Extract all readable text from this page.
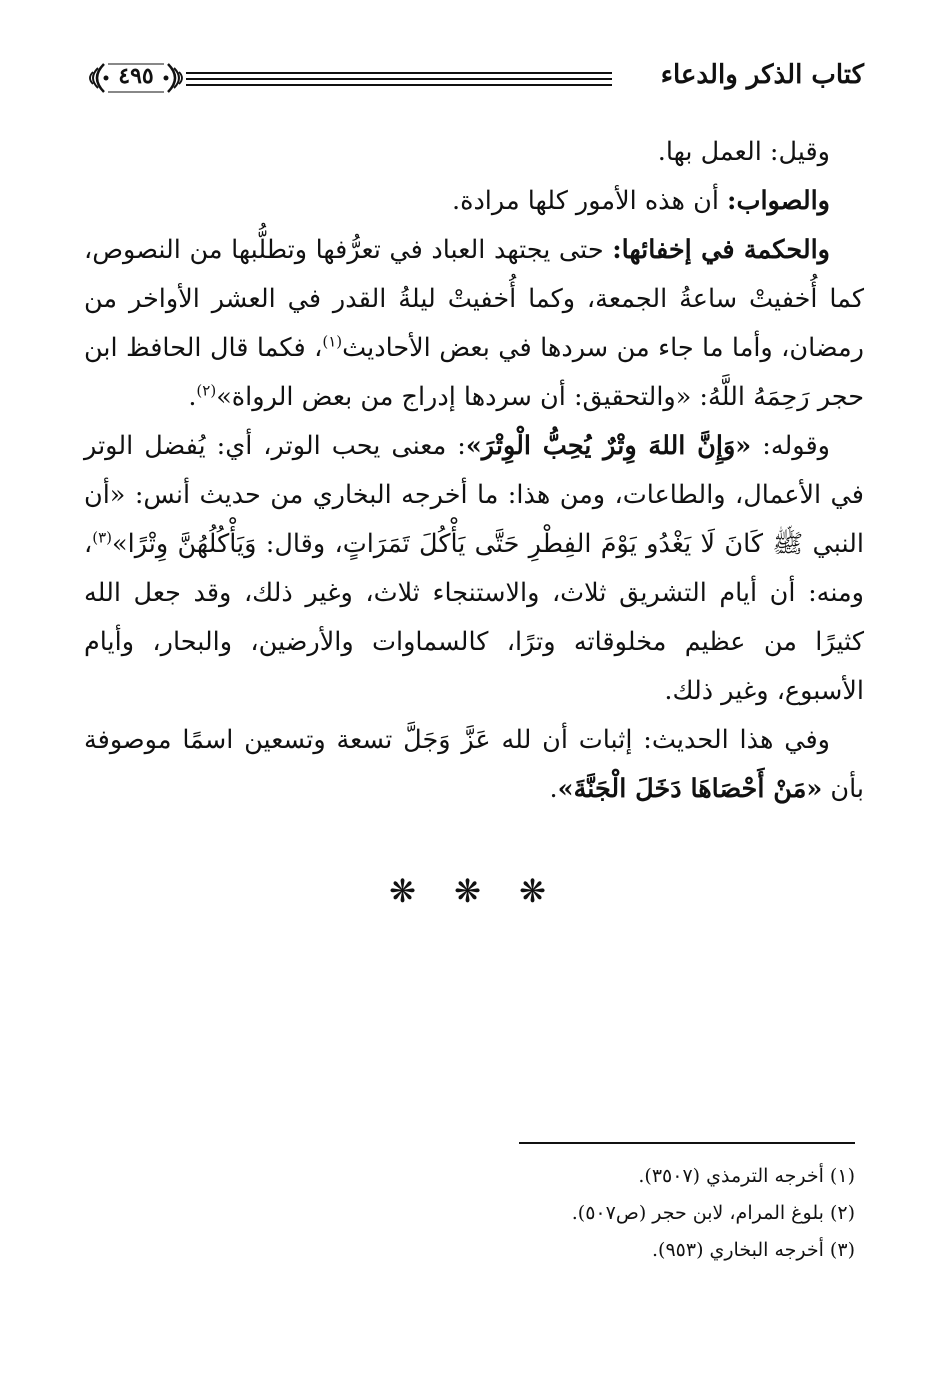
كتاب الذكر والدعاء
٤٩٥

وقيل: العمل بها.

والصواب: أن هذه الأمور كلها مرادة.

والحكمة في إخفائها: حتى يجتهد العباد في تعرُّفها وتطلُّبها من النصوص، كما أُخفيتْ ساعةُ الجمعة، وكما أُخفيتْ ليلةُ القدر في العشر الأواخر من رمضان، وأما ما جاء من سردها في بعض الأحاديث$^{(١)}$، فكما قال الحافظ ابن حجر رَحِمَهُ اللَّهُ: «والتحقيق: أن سردها إدراج من بعض الرواة»$^{(٢)}$.

وقوله: «وَإِنَّ اللهَ وِتْرٌ يُحِبُّ الْوِتْرَ»: معنى يحب الوتر، أي: يُفضل الوتر في الأعمال، والطاعات، ومن هذا: ما أخرجه البخاري من حديث أنس: «أن النبي ﷺ كَانَ لَا يَغْدُو يَوْمَ الفِطْرِ حَتَّى يَأْكُلَ تَمَرَاتٍ، وقال: وَيَأْكُلُهُنَّ وِتْرًا»$^{(٣)}$، ومنه: أن أيام التشريق ثلاث، والاستنجاء ثلاث، وغير ذلك، وقد جعل الله كثيرًا من عظيم مخلوقاته وترًا، كالسماوات والأرضين، والبحار، وأيام الأسبوع، وغير ذلك.

وفي هذا الحديث: إثبات أن لله عَزَّ وَجَلَّ تسعة وتسعين اسمًا موصوفة بأن «مَنْ أَحْصَاهَا دَخَلَ الْجَنَّةَ».

❋ ❋ ❋
(١) أخرجه الترمذي (٣٥٠٧).
(٢) بلوغ المرام، لابن حجر (ص٥٠٧).
(٣) أخرجه البخاري (٩٥٣).
